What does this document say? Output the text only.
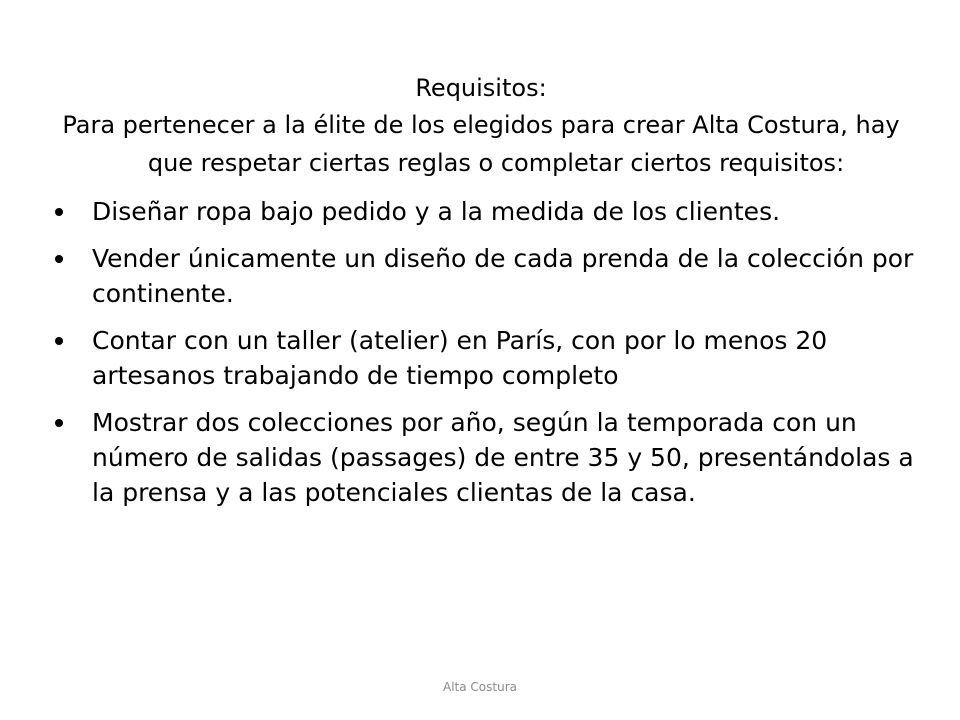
Requisitos:

Para pertenecer a la élite de los elegidos para crear Alta Costura, hay que respetar ciertas reglas o completar ciertos requisitos:

Diseñar ropa bajo pedido y a la medida de los clientes.
Vender únicamente un diseño de cada prenda de la colección por continente.
Contar con un taller (atelier) en París, con por lo menos 20 artesanos trabajando de tiempo completo
Mostrar dos colecciones por año, según la temporada con un número de salidas (passages) de entre 35 y 50, presentándolas a la prensa y a las potenciales clientas de la casa.
Alta Costura
